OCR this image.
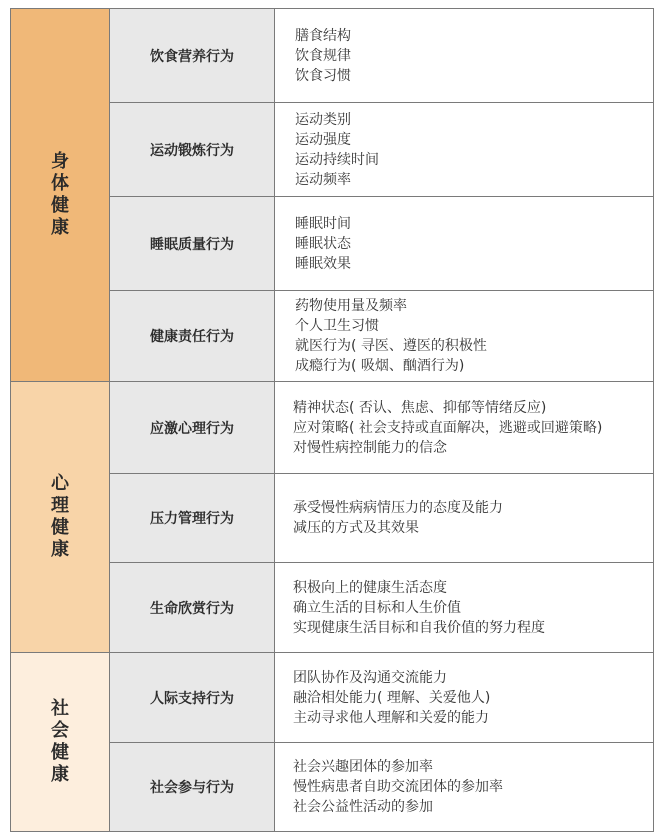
身体健康	饮食营养行为	膳食结构
饮食规律
饮食习惯

	运动锻炼行为	运动类别
运动强度
运动持续时间
运动频率

	睡眠质量行为	睡眠时间
睡眠状态
睡眠效果

	健康责任行为	药物使用量及频率
个人卫生习惯
就医行为( 寻医、遵医的积极性
成瘾行为( 吸烟、酗酒行为)

心理健康	应激心理行为	精神状态( 否认、焦虑、抑郁等情绪反应)
应对策略( 社会支持或直面解决，逃避或回避策略)
对慢性病控制能力的信念

	压力管理行为	承受慢性病病情压力的态度及能力
减压的方式及其效果

	生命欣赏行为	积极向上的健康生活态度
确立生活的目标和人生价值
实现健康生活目标和自我价值的努力程度

社会健康	人际支持行为	团队协作及沟通交流能力
融洽相处能力( 理解、关爱他人)
主动寻求他人理解和关爱的能力

	社会参与行为	社会兴趣团体的参加率
慢性病患者自助交流团体的参加率
社会公益性活动的参加
